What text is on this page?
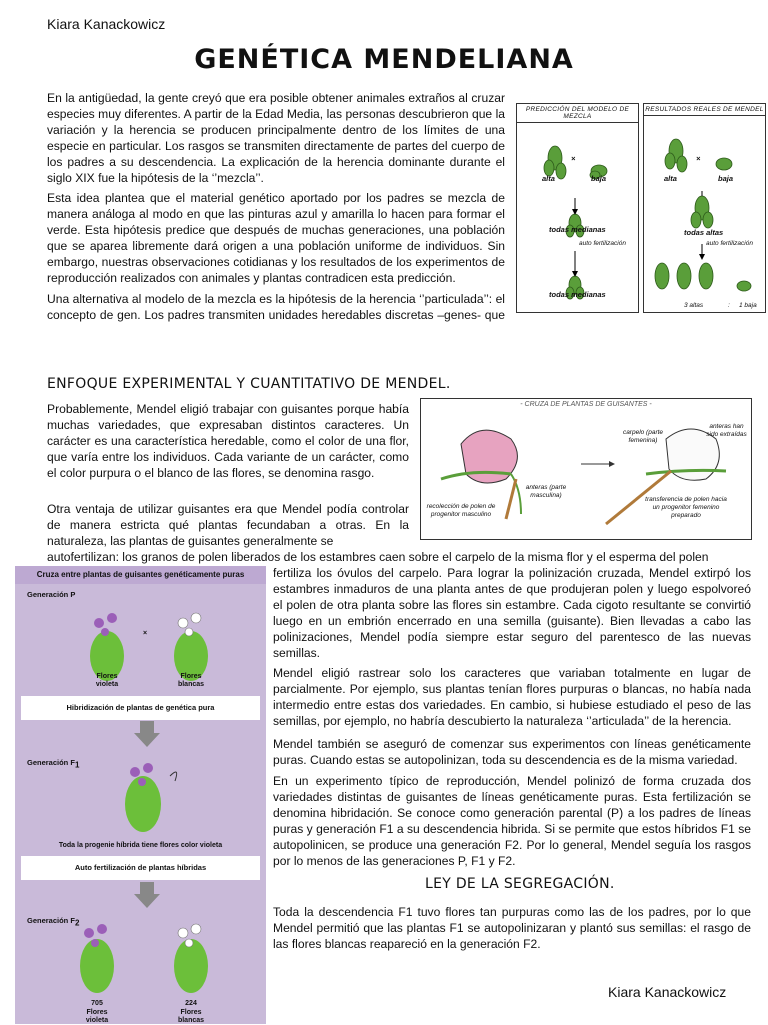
Kiara Kanackowicz
GENÉTICA MENDELIANA

En la antigüedad, la gente creyó que era posible obtener animales extraños al cruzar especies muy diferentes. A partir de la Edad Media, las personas descubrieron que la variación y la herencia se producen principalmente dentro de los límites de una especie en particular. Los rasgos se transmiten directamente de partes del cuerpo de los padres a su descendencia. La explicación de la herencia dominante durante el siglo XIX fue la hipótesis de la ‘’mezcla’’.

Esta idea plantea que el material genético aportado por los padres se mezcla de manera análoga al modo en que las pinturas azul y amarilla lo hacen para formar el verde. Esta hipótesis predice que después de muchas generaciones, una población que se aparea libremente dará origen a una población uniforme de individuos. Sin embargo, nuestras observaciones cotidianas y los resultados de los experimentos de reproducción realizados con animales y plantas contradicen esta predicción.

Una alternativa al modelo de la mezcla es la hipótesis de la herencia ‘’particulada’’: el concepto de gen. Los padres transmiten unidades heredables discretas –genes- que

PREDICCIÓN DEL MODELO DE MEZCLA
alta
×
baja
todas medianas
auto fertilización
todas medianas
RESULTADOS REALES DE MENDEL
alta
×
baja
todas altas
auto fertilización
3 altas	: 1 baja
ENFOQUE EXPERIMENTAL Y CUANTITATIVO DE MENDEL.

Probablemente, Mendel eligió trabajar con guisantes porque había muchas variedades, que expresaban distintos caracteres. Un carácter es una característica heredable, como el color de una flor, que varía entre los individuos. Cada variante de un carácter, como el color purpura o el blanco de las flores, se denomina rasgo.

Otra ventaja de utilizar guisantes era que Mendel podía controlar de manera estricta qué plantas fecundaban a otras. En la naturaleza, las plantas de guisantes generalmente se

autofertilizan: los granos de polen liberados de los estambres caen sobre el carpelo de la misma flor y el esperma del polen

- CRUZA DE PLANTAS DE GUISANTES -
anteras (parte masculina)
recolección de polen de progenitor masculino
carpelo (parte femenina)
anteras han sido extraídas
transferencia de polen hacia un progenitor femenino preparado
Cruza entre plantas de guisantes genéticamente puras
Generación P
×
Flores violeta
Flores blancas
Hibridización de plantas de genética pura
Generación F1
Toda la progenie híbrida tiene flores color violeta
Auto fertilización de plantas híbridas
Generación F2
705
Flores violeta
224
Flores blancas

fertiliza los óvulos del carpelo. Para lograr la polinización cruzada, Mendel extirpó los estambres inmaduros de una planta antes de que produjeran polen y luego espolvoreó el polen de otra planta sobre las flores sin estambre. Cada cigoto resultante se convirtió luego en un embrión encerrado en una semilla (guisante). Bien llevadas a cabo las polinizaciones, Mendel podía siempre estar seguro del parentesco de las nuevas semillas.

Mendel eligió rastrear solo los caracteres que variaban totalmente en lugar de parcialmente. Por ejemplo, sus plantas tenían flores purpuras o blancas, no había nada intermedio entre estas dos variedades. En cambio, si hubiese estudiado el peso de las semillas, por ejemplo, no habría descubierto la naturaleza ‘’articulada’’ de la herencia.

Mendel también se aseguró de comenzar sus experimentos con líneas genéticamente puras. Cuando estas se autopolinizan, toda su descendencia es de la misma variedad.

En un experimento típico de reproducción, Mendel polinizó de forma cruzada dos variedades distintas de guisantes de líneas genéticamente puras. Esta fertilización se denomina hibridación. Se conoce como generación parental (P) a los padres de líneas puras y generación F1 a su descendencia hibrida. Si se permite que estos híbridos F1 se autopolinicen, se produce una generación F2. Por lo general, Mendel seguía los rasgos por lo menos de las generaciones P, F1 y F2.

LEY DE LA SEGREGACIÓN.

Toda la descendencia F1 tuvo flores tan purpuras como las de los padres, por lo que Mendel permitió que las plantas F1 se autopolinizaran y plantó sus semillas: el rasgo de las flores blancas reapareció en la generación F2.

Kiara Kanackowicz
